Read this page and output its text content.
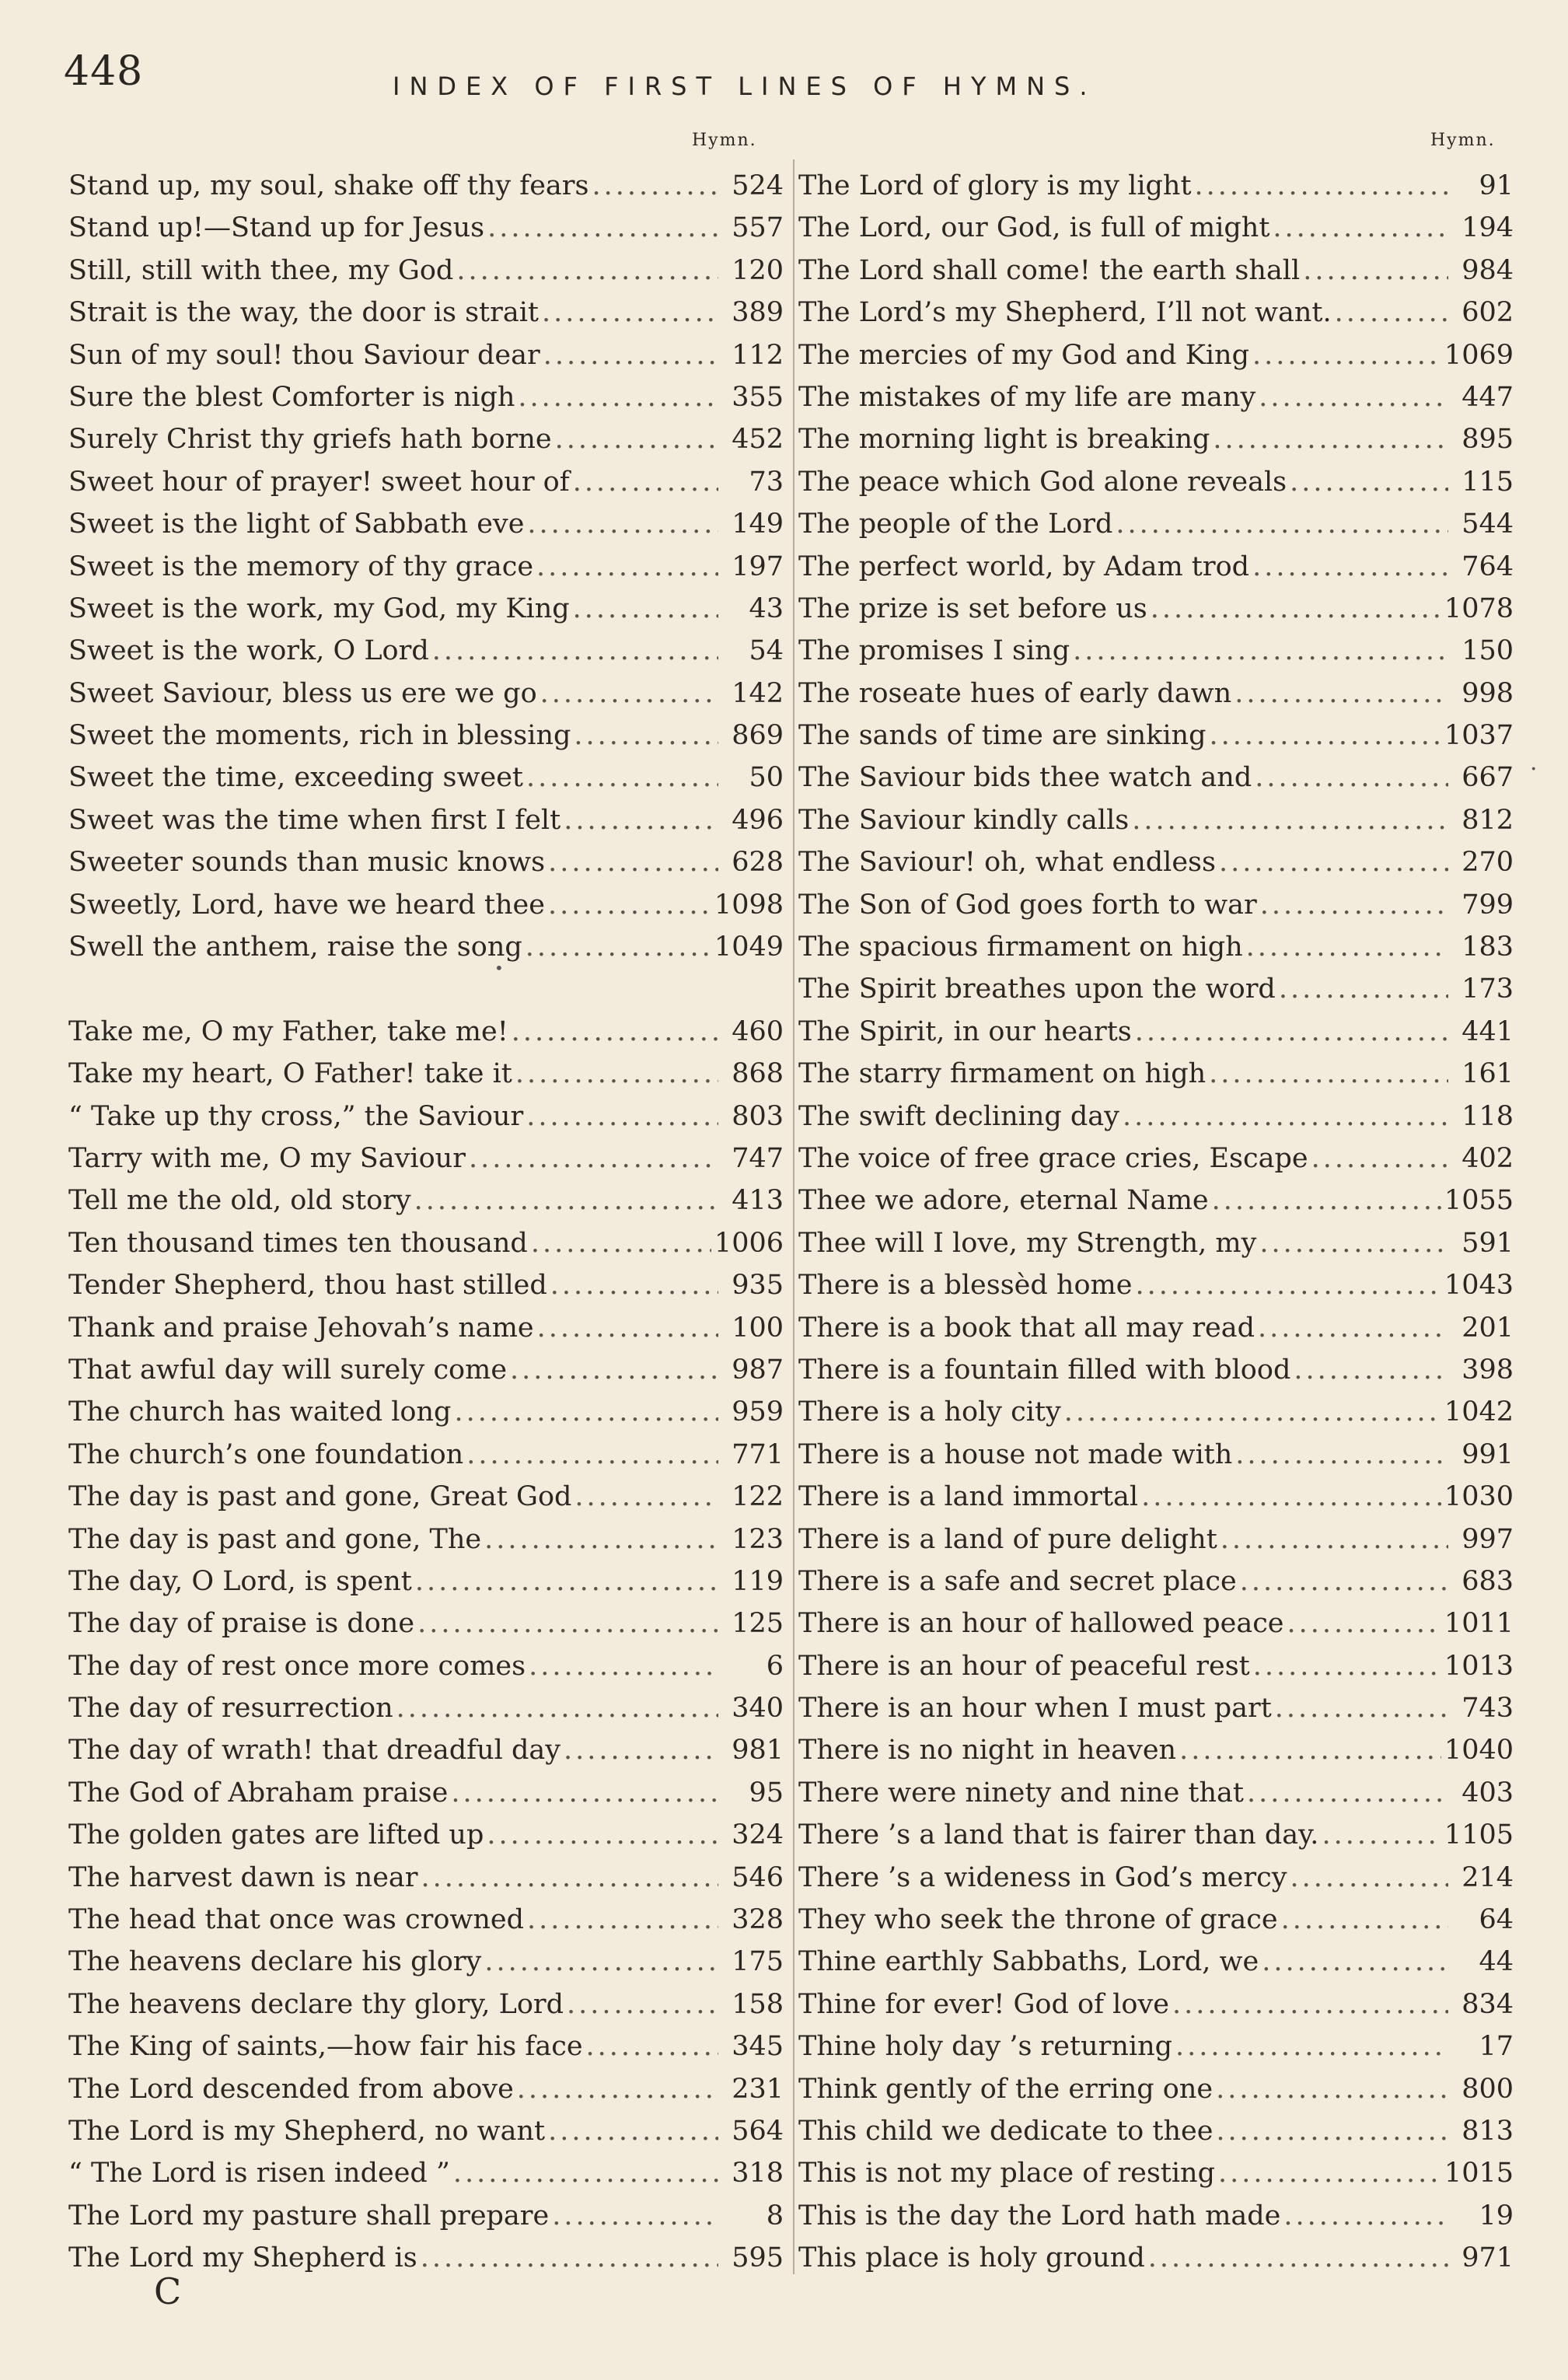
448	INDEX OF FIRST LINES OF HYMNS.
Hymn.	Hymn.
Stand up, my soul, shake off thy fears .....	524
Stand up!—Stand up for Jesus .....	557
Still, still with thee, my God .....	120
Strait is the way, the door is strait .....	389
Sun of my soul! thou Saviour dear .....	112
Sure the blest Comforter is nigh .....	355
Surely Christ thy griefs hath borne .....	452
Sweet hour of prayer! sweet hour of .....	73
Sweet is the light of Sabbath eve .....	149
Sweet is the memory of thy grace .....	197
Sweet is the work, my God, my King .....	43
Sweet is the work, O Lord .....	54
Sweet Saviour, bless us ere we go .....	142
Sweet the moments, rich in blessing .....	869
Sweet the time, exceeding sweet .....	50
Sweet was the time when first I felt .....	496
Sweeter sounds than music knows .....	628
Sweetly, Lord, have we heard thee .....	1098
Swell the anthem, raise the song .....	1049
Take me, O my Father, take me! .....	460
Take my heart, O Father! take it .....	868
“ Take up thy cross,” the Saviour .....	803
Tarry with me, O my Saviour .....	747
Tell me the old, old story .....	413
Ten thousand times ten thousand .....	1006
Tender Shepherd, thou hast stilled .....	935
Thank and praise Jehovah’s name .....	100
That awful day will surely come .....	987
The church has waited long .....	959
The church’s one foundation .....	771
The day is past and gone, Great God .....	122
The day is past and gone, The .....	123
The day, O Lord, is spent .....	119
The day of praise is done .....	125
The day of rest once more comes .....	6
The day of resurrection .....	340
The day of wrath! that dreadful day .....	981
The God of Abraham praise .....	95
The golden gates are lifted up .....	324
The harvest dawn is near .....	546
The head that once was crowned .....	328
The heavens declare his glory .....	175
The heavens declare thy glory, Lord .....	158
The King of saints,—how fair his face .....	345
The Lord descended from above .....	231
The Lord is my Shepherd, no want .....	564
“ The Lord is risen indeed ” .....	318
The Lord my pasture shall prepare .....	8
The Lord my Shepherd is .....	595
The Lord of glory is my light .....	91
The Lord, our God, is full of might .....	194
The Lord shall come! the earth shall .....	984
The Lord’s my Shepherd, I’ll not want. .....	602
The mercies of my God and King .....	1069
The mistakes of my life are many .....	447
The morning light is breaking .....	895
The peace which God alone reveals .....	115
The people of the Lord .....	544
The perfect world, by Adam trod .....	764
The prize is set before us .....	1078
The promises I sing .....	150
The roseate hues of early dawn .....	998
The sands of time are sinking .....	1037
The Saviour bids thee watch and .....	667
The Saviour kindly calls .....	812
The Saviour! oh, what endless .....	270
The Son of God goes forth to war .....	799
The spacious firmament on high .....	183
The Spirit breathes upon the word .....	173
The Spirit, in our hearts .....	441
The starry firmament on high .....	161
The swift declining day .....	118
The voice of free grace cries, Escape .....	402
Thee we adore, eternal Name .....	1055
Thee will I love, my Strength, my .....	591
There is a blessèd home .....	1043
There is a book that all may read .....	201
There is a fountain filled with blood .....	398
There is a holy city .....	1042
There is a house not made with .....	991
There is a land immortal .....	1030
There is a land of pure delight .....	997
There is a safe and secret place .....	683
There is an hour of hallowed peace .....	1011
There is an hour of peaceful rest .....	1013
There is an hour when I must part .....	743
There is no night in heaven .....	1040
There were ninety and nine that .....	403
There ’s a land that is fairer than day. .....	1105
There ’s a wideness in God’s mercy .....	214
They who seek the throne of grace .....	64
Thine earthly Sabbaths, Lord, we .....	44
Thine for ever! God of love .....	834
Thine holy day ’s returning .....	17
Think gently of the erring one .....	800
This child we dedicate to thee .....	813
This is not my place of resting .....	1015
This is the day the Lord hath made .....	19
This place is holy ground .....	971
•
·
C
